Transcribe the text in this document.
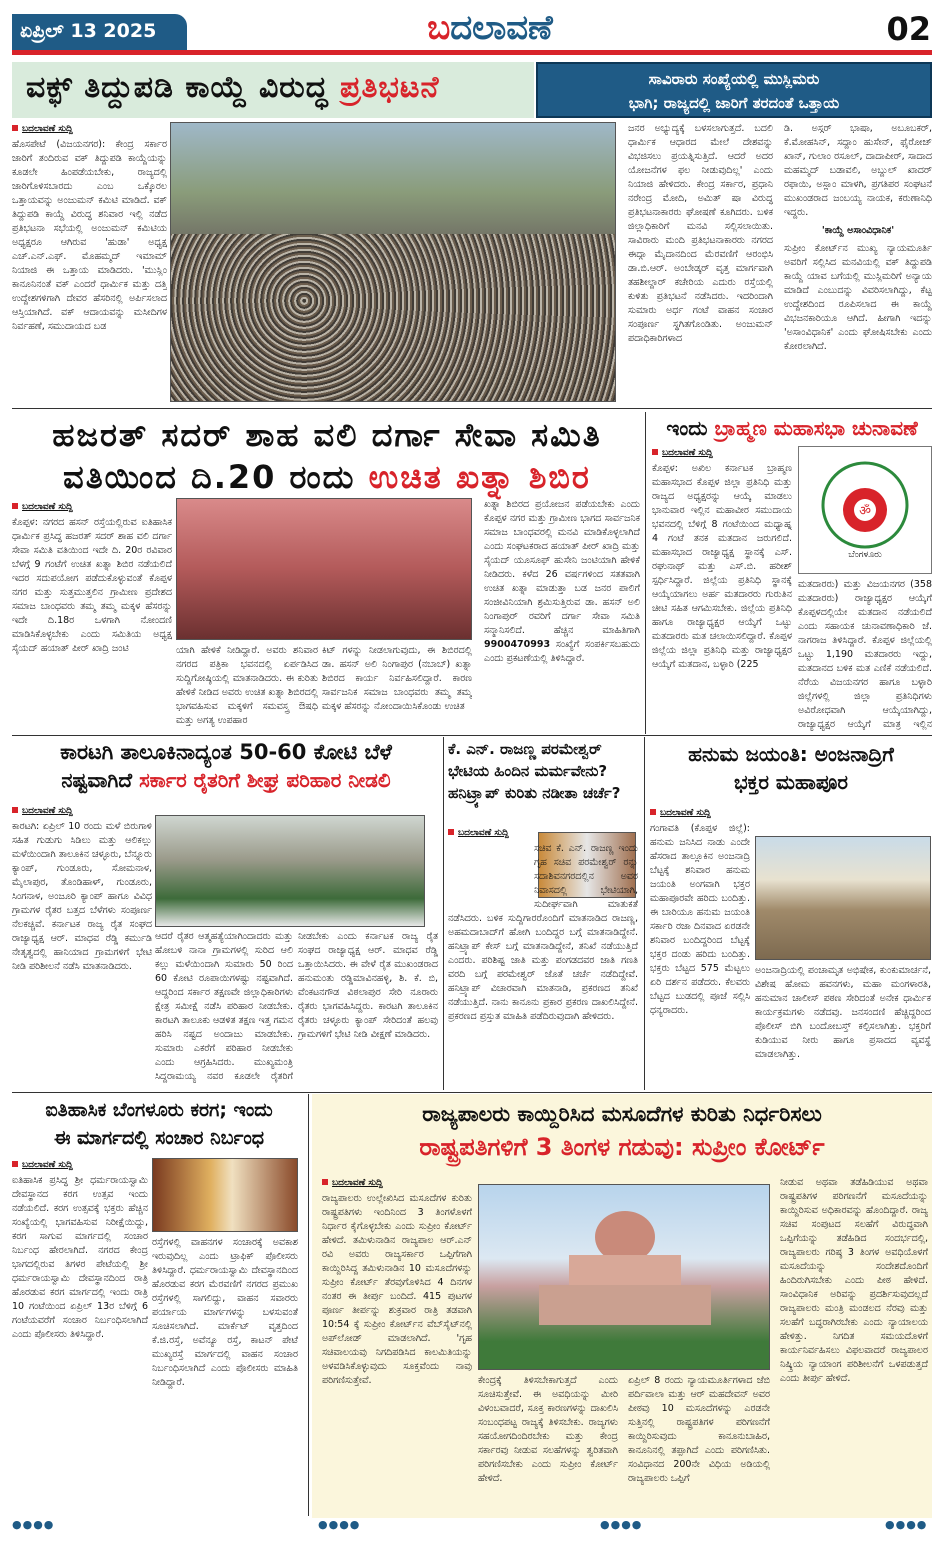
ಏಪ್ರಿಲ್ 13 2025	ಬದಲಾವಣೆ	02
ವಕ್ಫ್ ತಿದ್ದುಪಡಿ ಕಾಯ್ದೆ ವಿರುದ್ಧ ಪ್ರತಿಭಟನೆ	ಸಾವಿರಾರು ಸಂಖ್ಯೆಯಲ್ಲಿ ಮುಸ್ಲಿಮರು
ಭಾಗಿ; ರಾಜ್ಯದಲ್ಲಿ ಜಾರಿಗೆ ತರದಂತೆ ಒತ್ತಾಯ
ಬದಲಾವಣೆ ಸುದ್ದಿ
ಹೊಸಪೇಟೆ (ವಿಜಯನಗರ): ಕೇಂದ್ರ ಸರ್ಕಾರ ಜಾರಿಗೆ ತಂದಿರುವ ವಕ್ ತಿದ್ದುಪಡಿ ಕಾಯ್ದೆಯನ್ನು ಕೂಡಲೇ ಹಿಂಪಡೆಯಬೇಕು, ರಾಜ್ಯದಲ್ಲಿ ಜಾರಿಗೊಳಿಸಬಾರದು ಎಂಬ ಒಕ್ಕೊರಲ ಒತ್ತಾಯವನ್ನು ಅಂಜುಮನ್ ಕಮಿಟಿ ಮಾಡಿದೆ. ವಕ್ ತಿದ್ದುಪಡಿ ಕಾಯ್ದೆ ವಿರುದ್ಧ ಶನಿವಾರ ಇಲ್ಲಿ ನಡೆದ ಪ್ರತಿಭಟನಾ ಸಭೆಯಲ್ಲಿ ಅಂಜುಮನ್ ಕಮಿಟಿಯ ಅಧ್ಯಕ್ಷರೂ ಆಗಿರುವ 'ಹುಡಾ' ಅಧ್ಯಕ್ಷ ಎಚ್.ಎನ್.ಎಫ್. ಮೊಹಮ್ಮದ್ ಇಮಾಮ್ ನಿಯಾಜಿ ಈ ಒತ್ತಾಯ ಮಾಡಿದರು. 'ಮುಸ್ಲಿಂ ಕಾನೂನಿನಂತೆ ವಕ್ ಎಂದರೆ ಧಾರ್ಮಿಕ ಮತ್ತು ದತ್ತಿ ಉದ್ದೇಶಗಳಿಗಾಗಿ ದೇವರ ಹೆಸರಿನಲ್ಲಿ ಅರ್ಪಿಸಲಾದ ಆಸ್ತಿಯಾಗಿದೆ. ವಕ್ ಆದಾಯವನ್ನು ಮಸೀದಿಗಳ ನಿರ್ವಹಣೆ, ಸಮುದಾಯದ ಬಡ
ಜನರ ಅಭ್ಯುದ್ಯಕ್ಕೆ ಬಳಸಲಾಗುತ್ತದೆ. ಬದಲಿ ಧಾರ್ಮಿಕ ಆಧಾರದ ಮೇಲೆ ದೇಶವನ್ನು ವಿಭಜಿಸಲು ಪ್ರಯತ್ನಿಸುತ್ತಿದೆ. ಆದರೆ ಅದರ ಯೋಜನೆಗಳ ಫಲ ನೀಡುವುದಿಲ್ಲ' ಎಂದು ನಿಯಾಜಿ ಹೇಳಿದರು. ಕೇಂದ್ರ ಸರ್ಕಾರ, ಪ್ರಧಾನಿ ನರೇಂದ್ರ ಮೋದಿ, ಅಮಿತ್ ಷಾ ವಿರುದ್ಧ ಪ್ರತಿಭಟನಾಕಾರರು ಘೋಷಣೆ ಕೂಗಿದರು. ಬಳಿಕ ಜಿಲ್ಲಾಧಿಕಾರಿಗೆ ಮನವಿ ಸಲ್ಲಿಸಲಾಯಿತು. ಸಾವಿರಾರು ಮಂದಿ ಪ್ರತಿಭಟನಾಕಾರರು ನಗರದ ಈದ್ಗಾ ಮೈದಾನದಿಂದ ಮೆರವಣಿಗೆ ಆರಂಭಿಸಿ ಡಾ.ಬಿ.ಆರ್. ಅಂಬೇಡ್ಕರ್ ವೃತ್ತ ಮಾರ್ಗವಾಗಿ ತಹಶೀಲ್ದಾರ್ ಕಚೇರಿಯ ಎದುರು ರಸ್ತೆಯಲ್ಲಿ ಕುಳಿತು ಪ್ರತಿಭಟನೆ ನಡೆಸಿದರು. ಇದರಿಂದಾಗಿ ಸುಮಾರು ಅರ್ಧ ಗಂಟೆ ವಾಹನ ಸಂಚಾರ ಸಂಪೂರ್ಣ ಸ್ಥಗಿತಗೊಂಡಿತು. ಅಂಜುಮನ್ ಪದಾಧಿಕಾರಿಗಳಾದ
ಡಿ. ಅಸ್ಗರ್ ಭಾಷಾ, ಅಬೂಬಕರ್, ಕೆ.ಮೋಹಸಿನ್, ಸದ್ದಾಂ ಹುಸೇನ್, ಫೈರೋಜ್ ಖಾನ್, ಗುಲಾಂ ರಸೂಲ್, ದಾದಾಪೀರ್, ಸಾದಾದ ಮಹಮ್ಮದ್ ಬಡಾವಲಿ, ಅಬ್ದುಲ್ ಖಾದರ್ ರಫಾಯಿ, ಅಸ್ಲಾಂ ಮಾಳಗಿ, ಪ್ರಗತಿಪರ ಸಂಘಟನೆ ಮುಖಂಡರಾದ ಜಂಬಯ್ಯ ನಾಯಕ, ಕರುಣಾನಿಧಿ ಇದ್ದರು.
'ಕಾಯ್ದೆ ಅಸಾಂವಿಧಾನಿಕ'
ಸುಪ್ರೀಂ ಕೋರ್ಟ್‌ನ ಮುಖ್ಯ ನ್ಯಾಯಮೂರ್ತಿ ಅವರಿಗೆ ಸಲ್ಲಿಸಿದ ಮನವಿಯಲ್ಲಿ ವಕ್ ತಿದ್ದುಪಡಿ ಕಾಯ್ದೆ ಯಾವ ಬಗೆಯಲ್ಲಿ ಮುಸ್ಲಿಮರಿಗೆ ಅನ್ಯಾಯ ಮಾಡಿದೆ ಎಂಬುದನ್ನು ವಿವರಿಸಲಾಗಿದ್ದು, ಕೆಟ್ಟ ಉದ್ದೇಶದಿಂದ ರೂಪಿಸಲಾದ ಈ ಕಾಯ್ದೆ ವಿಭಜನಕಾರಿಯೂ ಆಗಿದೆ. ಹೀಗಾಗಿ ಇದನ್ನು 'ಅಸಾಂವಿಧಾನಿಕ' ಎಂದು ಘೋಷಿಸಬೇಕು ಎಂದು ಕೋರಲಾಗಿದೆ.
ಹಜರತ್ ಸದರ್ ಶಾಹ ವಲಿ ದರ್ಗಾ ಸೇವಾ ಸಮಿತಿ
ವತಿಯಿಂದ ದಿ.20 ರಂದು ಉಚಿತ ಖತ್ನಾ ಶಿಬಿರ
ಬದಲಾವಣೆ ಸುದ್ದಿ
ಕೊಪ್ಪಳ: ನಗರದ ಹಸನ್ ರಸ್ತೆಯಲ್ಲಿರುವ ಐತಿಹಾಸಿಕ ಧಾರ್ಮಿಕ ಪ್ರಸಿದ್ಧ ಹಜರತ್ ಸದರ್ ಶಾಹ ವಲಿ ದರ್ಗಾ ಸೇವಾ ಸಮಿತಿ ವತಿಯಿಂದ ಇದೇ ದಿ. 20ರ ರವಿವಾರ ಬೆಳಗ್ಗೆ 9 ಗಂಟೆಗೆ ಉಚಿತ ಖತ್ನಾ ಶಿಬಿರ ನಡೆಯಲಿದೆ ಇದರ ಸದುಪಯೋಗ ಪಡೆದುಕೊಳ್ಳುವಂತೆ ಕೊಪ್ಪಳ ನಗರ ಮತ್ತು ಸುತ್ತಮುತ್ತಲಿನ ಗ್ರಾಮೀಣ ಪ್ರದೇಶದ ಸಮಾಜ ಬಾಂಧವರು ತಮ್ಮ ತಮ್ಮ ಮಕ್ಕಳ ಹೆಸರನ್ನು ಇದೇ ದಿ.18ರ ಒಳಗಾಗಿ ನೋಂದಣಿ ಮಾಡಿಸಿಕೊಳ್ಳಬೇಕು ಎಂದು ಸಮಿತಿಯ ಅಧ್ಯಕ್ಷ ಸೈಯದ್ ಹಯಾತ್ ಪೀರ್ ಖಾದ್ರಿ ಜಂಟಿ	ಯಾಗಿ ಹೇಳಿಕೆ ನೀಡಿದ್ದಾರೆ. ಅವರು ಶನಿವಾರ ನಗರದ ಪತ್ರಿಕಾ ಭವನದಲ್ಲಿ ಏರ್ಪಡಿಸಿದ ಸುದ್ದಿಗೋಷ್ಠಿಯಲ್ಲಿ ಮಾತನಾಡಿದರು. ಈ ಕುರಿತು ಹೇಳಿಕೆ ನೀಡಿದ ಅವರು ಉಚಿತ ಖತ್ನಾ ಶಿಬಿರದಲ್ಲಿ ಭಾಗವಹಿಸುವ ಮಕ್ಕಳಿಗೆ ಸಮವಸ್ತ್ರ ಔಷಧಿ ಮತ್ತು ಅಗತ್ಯ ಉಪಹಾರ
ಕಿಟ್ ಗಳನ್ನು ನೀಡಲಾಗುವುದು, ಈ ಶಿಬಿರದಲ್ಲಿ ಡಾ. ಹಸನ್ ಅಲಿ ನಿಂಗಾಪುರ (ನಬಾಬ್) ಖತ್ನಾ ಶಿಬಿರದ ಕಾರ್ಯ ನಿರ್ವಹಿಸಲಿದ್ದಾರೆ. ಕಾರಣ ಸಾರ್ವಜನಿಕ ಸಮಾಜ ಬಾಂಧವರು ತಮ್ಮ ತಮ್ಮ ಮಕ್ಕಳ ಹೆಸರನ್ನು ನೋಂದಾಯಿಸಿಕೊಂಡು ಉಚಿತ
ಖತ್ನಾ ಶಿಬಿರದ ಪ್ರಯೋಜನ ಪಡೆಯಬೇಕು ಎಂದು ಕೊಪ್ಪಳ ನಗರ ಮತ್ತು ಗ್ರಾಮೀಣ ಭಾಗದ ಸಾರ್ವಜನಿಕ ಸಮಾಜ ಬಾಂಧವರಲ್ಲಿ ಮನವಿ ಮಾಡಿಕೊಳ್ಳಲಾಗಿದೆ ಎಂದು ಸಂಘಟಕರಾದ ಹಯಾತ್ ಪೀರ್ ಖಾದ್ರಿ ಮತ್ತು ಸೈಯದ್ ಯೂಸೂಫ್ ಹುಸೇನಿ ಜಂಟಿಯಾಗಿ ಹೇಳಿಕೆ ನೀಡಿದರು. ಕಳೆದ 26 ವರ್ಷಗಳಿಂದ ಸತತವಾಗಿ ಉಚಿತ ಖತ್ನಾ ಮಾಡುತ್ತಾ ಬಡ ಜನರ ಪಾಲಿಗೆ ಸಂಜೀವಿನಿಯಾಗಿ ಶ್ರಮಿಸುತ್ತಿರುವ ಡಾ. ಹಸನ್ ಅಲಿ ನಿಂಗಾಪುರ್ ರವರಿಗೆ ದರ್ಗಾ ಸೇವಾ ಸಮಿತಿ ಸನ್ಮಾನಿಸಲಿದೆ. ಹೆಚ್ಚಿನ ಮಾಹಿತಿಗಾಗಿ 9900470993 ಸಂಖ್ಯೆಗೆ ಸಂಪರ್ಕಿಸಬಹುದು ಎಂದು ಪ್ರಕಟಣೆಯಲ್ಲಿ ತಿಳಿಸಿದ್ದಾರೆ.
ಇಂದು ಬ್ರಾಹ್ಮಣ ಮಹಾಸಭಾ ಚುನಾವಣೆ
ಬದಲಾವಣೆ ಸುದ್ದಿ
ಕೊಪ್ಪಳ: ಅಖಿಲ ಕರ್ನಾಟಕ ಬ್ರಾಹ್ಮಣ ಮಹಾಸಭಾದ ಕೊಪ್ಪಳ ಜಿಲ್ಲಾ ಪ್ರತಿನಿಧಿ ಮತ್ತು ರಾಜ್ಯದ ಅಧ್ಯಕ್ಷರನ್ನು ಆಯ್ಕೆ ಮಾಡಲು ಭಾನುವಾರ ಇಲ್ಲಿನ ಮಹಾವೀರ ಸಮುದಾಯ ಭವನದಲ್ಲಿ ಬೆಳಿಗ್ಗೆ 8 ಗಂಟೆಯಿಂದ ಮಧ್ಯಾಹ್ನ 4 ಗಂಟೆ ತನಕ ಮತದಾನ ಜರುಗಲಿದೆ. ಮಹಾಸಭಾದ ರಾಜ್ಯಾಧ್ಯಕ್ಷ ಸ್ಥಾನಕ್ಕೆ ಎಸ್. ರಘುನಾಥ್ ಮತ್ತು ಎಸ್.ಬಿ. ಹರೀಶ್ ಸ್ಪರ್ಧಿಸಿದ್ದಾರೆ. ಜಿಲ್ಲೆಯ ಪ್ರತಿನಿಧಿ ಸ್ಥಾನಕ್ಕೆ ಆಯ್ಕೆಯಾಗಲು ಅರ್ಹ ಮತದಾರರು ಗುರುತಿನ ಚೀಟಿ ಸಹಿತ ಆಗಮಿಸಬೇಕು. ಜಿಲ್ಲೆಯ ಪ್ರತಿನಿಧಿ ಹಾಗೂ ರಾಜ್ಯಾಧ್ಯಕ್ಷರ ಆಯ್ಕೆಗೆ ಒಟ್ಟು ಮತದಾರರು ಮತ ಚಲಾಯಿಸಲಿದ್ದಾರೆ. ಕೊಪ್ಪಳ ಜಿಲ್ಲೆಯ ಜಿಲ್ಲಾ ಪ್ರತಿನಿಧಿ ಮತ್ತು ರಾಜ್ಯಾಧ್ಯಕ್ಷರ ಆಯ್ಕೆಗೆ ಮತದಾನ, ಬಳ್ಳಾರಿ (225
ॐ
ಬೆಂಗಳೂರು
ಮತದಾರರು) ಮತ್ತು ವಿಜಯನಗರ (358 ಮತದಾರರು) ರಾಜ್ಯಾಧ್ಯಕ್ಷರ ಆಯ್ಕೆಗೆ ಕೊಪ್ಪಳದಲ್ಲಿಯೇ ಮತದಾನ ನಡೆಯಲಿದೆ ಎಂದು ಸಹಾಯಕ ಚುನಾವಣಾಧಿಕಾರಿ ಜೆ. ನಾಗರಾಜ ತಿಳಿಸಿದ್ದಾರೆ. ಕೊಪ್ಪಳ ಜಿಲ್ಲೆಯಲ್ಲಿ ಒಟ್ಟು 1,190 ಮತದಾರರು ಇದ್ದು, ಮತದಾನದ ಬಳಿಕ ಮತ ಎಣಿಕೆ ನಡೆಯಲಿದೆ. ನೆರೆಯ ವಿಜಯನಗರ ಹಾಗೂ ಬಳ್ಳಾರಿ ಜಿಲ್ಲೆಗಳಲ್ಲಿ ಜಿಲ್ಲಾ ಪ್ರತಿನಿಧಿಗಳು ಅವಿರೋಧವಾಗಿ ಆಯ್ಕೆಯಾಗಿದ್ದು, ರಾಜ್ಯಾಧ್ಯಕ್ಷರ ಆಯ್ಕೆಗೆ ಮಾತ್ರ ಇಲ್ಲಿನ
ಕಾರಟಗಿ ತಾಲೂಕಿನಾದ್ಯಂತ 50-60 ಕೋಟಿ ಬೆಳೆ
ನಷ್ಟವಾಗಿದೆ ಸರ್ಕಾರ ರೈತರಿಗೆ ಶೀಘ್ರ ಪರಿಹಾರ ನೀಡಲಿ
ಬದಲಾವಣೆ ಸುದ್ದಿ
ಕಾರಟಗಿ: ಏಪ್ರಿಲ್ 10 ರಂದು ಮಳೆ ಬಿರುಗಾಳಿ ಸಹಿತ ಗುಡುಗು ಸಿಡಿಲು ಮತ್ತು ಆಲಿಕಲ್ಲು ಮಳೆಯಿಂದಾಗಿ ತಾಲೂಕಿನ ಚಳ್ಳೂರು, ಬೆನ್ನೂರು ಕ್ಯಾಂಪ್, ಗುಂಡೂರು, ಸೋಮನಾಳ, ಮೈಲಾಪುರ, ತೊಂಡಿಹಾಳ್, ಗುಂಡೂರು, ಸಿಂಗನಾಳ, ಅಂಜೂರಿ ಕ್ಯಾಂಪ್ ಹಾಗೂ ವಿವಿಧ ಗ್ರಾಮಗಳ ರೈತರ ಬತ್ತದ ಬೆಳೆಗಳು ಸಂಪೂರ್ಣ ನೆಲಕಚ್ಚಿವೆ. ಕರ್ನಾಟಕ ರಾಜ್ಯ ರೈತ ಸಂಘದ ರಾಜ್ಯಾಧ್ಯಕ್ಷ ಆರ್. ಮಾಧವ ರೆಡ್ಡಿ ಕರ್ಮುಡಿ ನೇತೃತ್ವದಲ್ಲಿ ಹಾನಿಯಾದ ಗ್ರಾಮಗಳಿಗೆ ಭೇಟಿ ನೀಡಿ ಪರಿಶೀಲನೆ ನಡೆಸಿ ಮಾತನಾಡಿದರು.
ಆದರೆ ರೈತರ ಆತ್ಮಹತ್ಯೆಯಾಗಿಂದಾದರು ಮತ್ತು ಹೋಬಳಿ ನಾನಾ ಗ್ರಾಮಗಳಲ್ಲಿ ಸುರಿದ ಆಲಿ ಕಲ್ಲು ಮಳೆಯಿಂದಾಗಿ ಸುಮಾರು 50 ರಿಂದ 60 ಕೋಟಿ ರೂಪಾಯಿಗಳಷ್ಟು ನಷ್ಟವಾಗಿದೆ. ಆದ್ದರಿಂದ ಸರ್ಕಾರ ತಕ್ಷಣವೇ ಜಿಲ್ಲಾಧಿಕಾರಿಗಳು ಕ್ಷೇತ್ರ ಸಮೀಕ್ಷೆ ನಡೆಸಿ ಪರಿಹಾರ ನೀಡಬೇಕು. ಕಾರಟಗಿ ತಾಲೂಕು ಆಡಳಿತ ತಕ್ಷಣ ಇತ್ತ ಗಮನ ಹರಿಸಿ ನಷ್ಟದ ಅಂದಾಜು ಮಾಡಬೇಕು. ಸುಮಾರು ಎಕರೆಗೆ ಪರಿಹಾರ ನೀಡಬೇಕು ಎಂದು ಆಗ್ರಹಿಸಿದರು. ಮುಖ್ಯಮಂತ್ರಿ ಸಿದ್ದರಾಮಯ್ಯ ನವರ ಕೂಡಲೇ ರೈತರಿಗೆ
ನೀಡಬೇಕು ಎಂದು ಕರ್ನಾಟಕ ರಾಜ್ಯ ರೈತ ಸಂಘದ ರಾಜ್ಯಾಧ್ಯಕ್ಷ ಆರ್. ಮಾಧವ ರೆಡ್ಡಿ ಒತ್ತಾಯಿಸಿದರು. ಈ ವೇಳೆ ರೈತ ಮುಖಂಡರಾದ ಹನುಮಂತು ರಡ್ಡಿಮಾವಿನಹಳ್ಳಿ, ಶಿ. ಕೆ. ಬಿ, ವೆಂಕಟನಗೌಡ ವಿಠಲಾಪುರ ಸೇರಿ ನೂರಾರು ರೈತರು ಭಾಗವಹಿಸಿದ್ದರು. ಕಾರಟಗಿ ತಾಲೂಕಿನ ರೈತರು ಚಳ್ಳೂರು ಕ್ಯಾಂಪ್ ಸೇರಿದಂತೆ ಹಲವು ಗ್ರಾಮಗಳಿಗೆ ಭೇಟಿ ನೀಡಿ ವೀಕ್ಷಣೆ ಮಾಡಿದರು.
ಕೆ. ಎನ್. ರಾಜಣ್ಣ ಪರಮೇಶ್ವರ್ ಭೇಟಿಯ ಹಿಂದಿನ ಮರ್ಮವೇನು? ಹನಿಟ್ರ್ಯಾಪ್ ಕುರಿತು ನಡೀತಾ ಚರ್ಚೆ?
ಬದಲಾವಣೆ ಸುದ್ದಿ
ಸಚಿವ ಕೆ. ಎನ್. ರಾಜಣ್ಣ ಇಂದು ಗೃಹ ಸಚಿವ ಪರಮೇಶ್ವರ್ ರನ್ನು ಸದಾಶಿವನಗರದಲ್ಲಿನ ಅವರ ನಿವಾಸದಲ್ಲಿ ಭೇಟಿಯಾಗಿ, ಸುದೀರ್ಘವಾಗಿ ಮಾತುಕತೆ ನಡೆಸಿದರು. ಬಳಿಕ ಸುದ್ದಿಗಾರರೊಂದಿಗೆ ಮಾತನಾಡಿದ ರಾಜಣ್ಣ, ಅಹಮದಾಬಾದ್‌ಗೆ ಹೋಗಿ ಬಂದಿದ್ದರ ಬಗ್ಗೆ ಮಾತನಾಡಿದ್ದೇನೆ. ಹನಿಟ್ರ್ಯಾಪ್ ಕೇಸ್ ಬಗ್ಗೆ ಮಾತನಾಡಿದ್ದೇನೆ, ತನಿಖೆ ನಡೆಯುತ್ತಿದೆ ಎಂದರು. ಪರಿಶಿಷ್ಟ ಜಾತಿ ಮತ್ತು ಪಂಗಡದವರ ಜಾತಿ ಗಣತಿ ವರದಿ ಬಗ್ಗೆ ಪರಮೇಶ್ವರ್ ಜೊತೆ ಚರ್ಚೆ ನಡೆದಿದ್ದೇವೆ. ಹನಿಟ್ರ್ಯಾಪ್ ವಿಚಾರವಾಗಿ ಮಾತನಾಡಿ, ಪ್ರಕರಣದ ತನಿಖೆ ನಡೆಯುತ್ತಿದೆ. ನಾನು ಕಾನೂನು ಪ್ರಕಾರ ಪ್ರಕರಣ ದಾಖಲಿಸಿದ್ದೇನೆ. ಪ್ರಕರಣದ ಪ್ರಸ್ತುತ ಮಾಹಿತಿ ಪಡೆದಿರುವುದಾಗಿ ಹೇಳಿದರು.
ಹನುಮ ಜಯಂತಿ: ಅಂಜನಾದ್ರಿಗೆ
ಭಕ್ತರ ಮಹಾಪೂರ
ಬದಲಾವಣೆ ಸುದ್ದಿ
ಗಂಗಾವತಿ (ಕೊಪ್ಪಳ ಜಿಲ್ಲೆ): ಹನುಮ ಜನಿಸಿದ ನಾಡು ಎಂದೇ ಹೆಸರಾದ ತಾಲ್ಲೂಕಿನ ಅಂಜನಾದ್ರಿ ಬೆಟ್ಟಕ್ಕೆ ಶನಿವಾರ ಹನುಮ ಜಯಂತಿ ಅಂಗವಾಗಿ ಭಕ್ತರ ಮಹಾಪೂರವೇ ಹರಿದು ಬಂದಿತ್ತು. ಈ ಬಾರಿಯೂ ಹನುಮ ಜಯಂತಿ ಸರ್ಕಾರಿ ರಜಾ ದಿನವಾದ ಏರಡನೇ ಶನಿವಾರ ಬಂದಿದ್ದರಿಂದ ಬೆಟ್ಟಕ್ಕೆ ಭಕ್ತರ ದಂಡು ಹರಿದು ಬಂದಿತ್ತು. ಭಕ್ತರು ಬೆಟ್ಟದ 575 ಮೆಟ್ಟಲು ಏರಿ ದರ್ಶನ ಪಡೆದರು. ಕೆಲವರು ಬೆಟ್ಟದ ಬುಡದಲ್ಲಿ ಪೂಜೆ ಸಲ್ಲಿಸಿ ಧನ್ಯರಾದರು.
ಅಂಜನಾದ್ರಿಯಲ್ಲಿ ಪಂಚಾಮೃತ ಅಭಿಷೇಕ, ಕುಂಕುಮಾರ್ಚನೆ, ವಿಶೇಷ ಹೋಮ ಹವನಗಳು, ಮಹಾ ಮಂಗಳಾರತಿ, ಹನುಮಾನ ಚಾಲೀಸ್ ಪಠಣ ಸೇರಿದಂತೆ ಅನೇಕ ಧಾರ್ಮಿಕ ಕಾರ್ಯಕ್ರಮಗಳು ನಡೆದವು. ಜನಸಂದಣಿ ಹೆಚ್ಚಿದ್ದರಿಂದ ಪೊಲೀಸ್ ಬಿಗಿ ಬಂದೋಬಸ್ತ್ ಕಲ್ಪಿಸಲಾಗಿತ್ತು. ಭಕ್ತರಿಗೆ ಕುಡಿಯುವ ನೀರು ಹಾಗೂ ಪ್ರಸಾದದ ವ್ಯವಸ್ಥೆ ಮಾಡಲಾಗಿತ್ತು.
ಐತಿಹಾಸಿಕ ಬೆಂಗಳೂರು ಕರಗ; ಇಂದು
ಈ ಮಾರ್ಗದಲ್ಲಿ ಸಂಚಾರ ನಿರ್ಬಂಧ
ಬದಲಾವಣೆ ಸುದ್ದಿ
ಐತಿಹಾಸಿಕ ಪ್ರಸಿದ್ಧ ಶ್ರೀ ಧರ್ಮರಾಯಸ್ವಾಮಿ ದೇವಸ್ಥಾನದ ಕರಗ ಉತ್ಸವ ಇಂದು ನಡೆಯಲಿದೆ. ಕರಗ ಉತ್ಸವಕ್ಕೆ ಭಕ್ತರು ಹೆಚ್ಚಿನ ಸಂಖ್ಯೆಯಲ್ಲಿ ಭಾಗವಹಿಸುವ ನಿರೀಕ್ಷೆಯಿದ್ದು, ಕರಗ ಸಾಗುವ ಮಾರ್ಗದಲ್ಲಿ ಸಂಚಾರ ನಿರ್ಬಂಧ ಹೇರಲಾಗಿದೆ. ನಗರದ ಕೇಂದ್ರ ಭಾಗದಲ್ಲಿರುವ ತಿಗಳರ ಪೇಟೆಯಲ್ಲಿ ಶ್ರೀ ಧರ್ಮರಾಯಸ್ವಾಮಿ ದೇವಸ್ಥಾನದಿಂದ ರಾತ್ರಿ ಹೊರಡುವ ಕರಗ ಮಾರ್ಗದಲ್ಲಿ ಇಂದು ರಾತ್ರಿ 10 ಗಂಟೆಯಿಂದ ಏಪ್ರಿಲ್ 13ರ ಬೆಳಿಗ್ಗೆ 6 ಗಂಟೆಯವರೆಗೆ ಸಂಚಾರ ನಿರ್ಬಂಧಿಸಲಾಗಿದೆ ಎಂದು ಪೊಲೀಸರು ತಿಳಿಸಿದ್ದಾರೆ.
ರಸ್ತೆಗಳಲ್ಲಿ ವಾಹನಗಳ ಸಂಚಾರಕ್ಕೆ ಅವಕಾಶ ಇರುವುದಿಲ್ಲ ಎಂದು ಟ್ರಾಫಿಕ್ ಪೊಲೀಸರು ತಿಳಿಸಿದ್ದಾರೆ. ಧರ್ಮರಾಯಸ್ವಾಮಿ ದೇವಸ್ಥಾನದಿಂದ ಹೊರಡುವ ಕರಗ ಮೆರವಣಿಗೆ ನಗರದ ಪ್ರಮುಖ ರಸ್ತೆಗಳಲ್ಲಿ ಸಾಗಲಿದ್ದು, ವಾಹನ ಸವಾರರು ಪರ್ಯಾಯ ಮಾರ್ಗಗಳನ್ನು ಬಳಸುವಂತೆ ಸೂಚಿಸಲಾಗಿದೆ. ಮಾರ್ಕೆಟ್ ವೃತ್ತದಿಂದ ಕೆ.ಜಿ.ರಸ್ತೆ, ಅವೆನ್ಯೂ ರಸ್ತೆ, ಕಾಟನ್ ಪೇಟೆ ಮುಖ್ಯರಸ್ತೆ ಮಾರ್ಗದಲ್ಲಿ ವಾಹನ ಸಂಚಾರ ನಿರ್ಬಂಧಿಸಲಾಗಿದೆ ಎಂದು ಪೊಲೀಸರು ಮಾಹಿತಿ ನೀಡಿದ್ದಾರೆ.
ರಾಜ್ಯಪಾಲರು ಕಾಯ್ದಿರಿಸಿದ ಮಸೂದೆಗಳ ಕುರಿತು ನಿರ್ಧರಿಸಲು
ರಾಷ್ಟ್ರಪತಿಗಳಿಗೆ 3 ತಿಂಗಳ ಗಡುವು: ಸುಪ್ರೀಂ ಕೋರ್ಟ್
ಬದಲಾವಣೆ ಸುದ್ದಿ
ರಾಜ್ಯಪಾಲರು ಉಲ್ಲೇಖಿಸಿದ ಮಸೂದೆಗಳ ಕುರಿತು ರಾಷ್ಟ್ರಪತಿಗಳು ಇಂದಿನಿಂದ 3 ತಿಂಗಳೊಳಗೆ ನಿರ್ಧಾರ ಕೈಗೊಳ್ಳಬೇಕು ಎಂದು ಸುಪ್ರೀಂ ಕೋರ್ಟ್ ಹೇಳಿದೆ. ತಮಿಳುನಾಡಿನ ರಾಜ್ಯಪಾಲ ಆರ್.ಎನ್ ರವಿ ಅವರು ರಾಜ್ಯಸರ್ಕಾರ ಒಪ್ಪಿಗೆಗಾಗಿ ಕಾಯ್ದಿರಿಸಿದ್ದ ತಮಿಳುನಾಡಿನ 10 ಮಸೂದೆಗಳನ್ನು ಸುಪ್ರೀಂ ಕೋರ್ಟ್ ತೆರವುಗೊಳಿಸಿದ 4 ದಿನಗಳ ನಂತರ ಈ ತೀರ್ಪು ಬಂದಿದೆ. 415 ಪುಟಗಳ ಪೂರ್ಣ ತೀರ್ಪನ್ನು ಶುಕ್ರವಾರ ರಾತ್ರಿ ತಡವಾಗಿ 10:54 ಕ್ಕೆ ಸುಪ್ರೀಂ ಕೋರ್ಟ್‌ನ ವೆಬ್‌ಸೈಟ್‌ನಲ್ಲಿ ಅಪ್‌ಲೋಡ್ ಮಾಡಲಾಗಿದೆ. 'ಗೃಹ ಸಚಿವಾಲಯವು ನಿಗದಿಪಡಿಸಿದ ಕಾಲಮಿತಿಯನ್ನು ಅಳವಡಿಸಿಕೊಳ್ಳುವುದು ಸೂಕ್ತವೆಂದು ನಾವು ಪರಿಗಣಿಸುತ್ತೇವೆ.	ಕೇಂದ್ರಕ್ಕೆ ತಿಳಿಸಬೇಕಾಗುತ್ತದೆ ಎಂದು ಸೂಚಿಸುತ್ತೇವೆ. ಈ ಅವಧಿಯನ್ನು ಮೀರಿ ವಿಳಂಬವಾದರೆ, ಸೂಕ್ತ ಕಾರಣಗಳನ್ನು ದಾಖಲಿಸಿ ಸಂಬಂಧಪಟ್ಟ ರಾಜ್ಯಕ್ಕೆ ತಿಳಿಸಬೇಕು. ರಾಜ್ಯಗಳು ಸಹಯೋಗದಿಂದಿರಬೇಕು ಮತ್ತು ಕೇಂದ್ರ ಸರ್ಕಾರವು ನೀಡುವ ಸಲಹೆಗಳನ್ನು ತ್ವರಿತವಾಗಿ ಪರಿಗಣಿಸಬೇಕು ಎಂದು ಸುಪ್ರೀಂ ಕೋರ್ಟ್ ಹೇಳಿದೆ.
ಏಪ್ರಿಲ್ 8 ರಂದು ನ್ಯಾಯಮೂರ್ತಿಗಳಾದ ಜೆಬಿ ಪರ್ದಿವಾಲಾ ಮತ್ತು ಆರ್ ಮಹದೇವನ್ ಅವರ ಪೀಠವು 10 ಮಸೂದೆಗಳನ್ನು ಎರಡನೇ ಸುತ್ತಿನಲ್ಲಿ ರಾಷ್ಟ್ರಪತಿಗಳ ಪರಿಗಣನೆಗೆ ಕಾಯ್ದಿರಿಸುವುದು ಕಾನೂನುಬಾಹಿರ, ಕಾನೂನಿನಲ್ಲಿ ತಪ್ಪಾಗಿದೆ ಎಂದು ಪರಿಗಣಿಸಿತು. ಸಂವಿಧಾನದ 200ನೇ ವಿಧಿಯ ಅಡಿಯಲ್ಲಿ ರಾಜ್ಯಪಾಲರು ಒಪ್ಪಿಗೆ
ನೀಡುವ ಅಥವಾ ತಡೆಹಿಡಿಯುವ ಅಥವಾ ರಾಷ್ಟ್ರಪತಿಗಳ ಪರಿಗಣನೆಗೆ ಮಸೂದೆಯನ್ನು ಕಾಯ್ದಿರಿಸುವ ಅಧಿಕಾರವನ್ನು ಹೊಂದಿದ್ದಾರೆ. ರಾಜ್ಯ ಸಚಿವ ಸಂಪುಟದ ಸಲಹೆಗೆ ವಿರುದ್ಧವಾಗಿ ಒಪ್ಪಿಗೆಯನ್ನು ತಡೆಹಿಡಿದ ಸಂದರ್ಭದಲ್ಲಿ, ರಾಜ್ಯಪಾಲರು ಗರಿಷ್ಠ 3 ತಿಂಗಳ ಅವಧಿಯೊಳಗೆ ಮಸೂದೆಯನ್ನು ಸಂದೇಶದೊಂದಿಗೆ ಹಿಂದಿರುಗಿಸಬೇಕು ಎಂದು ಪೀಠ ಹೇಳಿದೆ. ಸಾಂವಿಧಾನಿಕ ಅರಿವನ್ನು ಪ್ರದರ್ಶಿಸುವುದಲ್ಲದೆ ರಾಜ್ಯಪಾಲರು ಮಂತ್ರಿ ಮಂಡಲದ ನೆರವು ಮತ್ತು ಸಲಹೆಗೆ ಬದ್ಧರಾಗಿರಬೇಕು ಎಂದು ನ್ಯಾಯಾಲಯ ಹೇಳಿತ್ತು. ನಿಗದಿತ ಸಮಯದೊಳಗೆ ಕಾರ್ಯನಿರ್ವಹಿಸಲು ವಿಫಲವಾದರೆ ರಾಜ್ಯಪಾಲರ ನಿಷ್ಕ್ರಿಯ ನ್ಯಾಯಾಂಗ ಪರಿಶೀಲನೆಗೆ ಒಳಪಡುತ್ತದೆ ಎಂದು ತೀರ್ಪು ಹೇಳಿದೆ.
●●●●	●●●●	●●●●	●●●●
